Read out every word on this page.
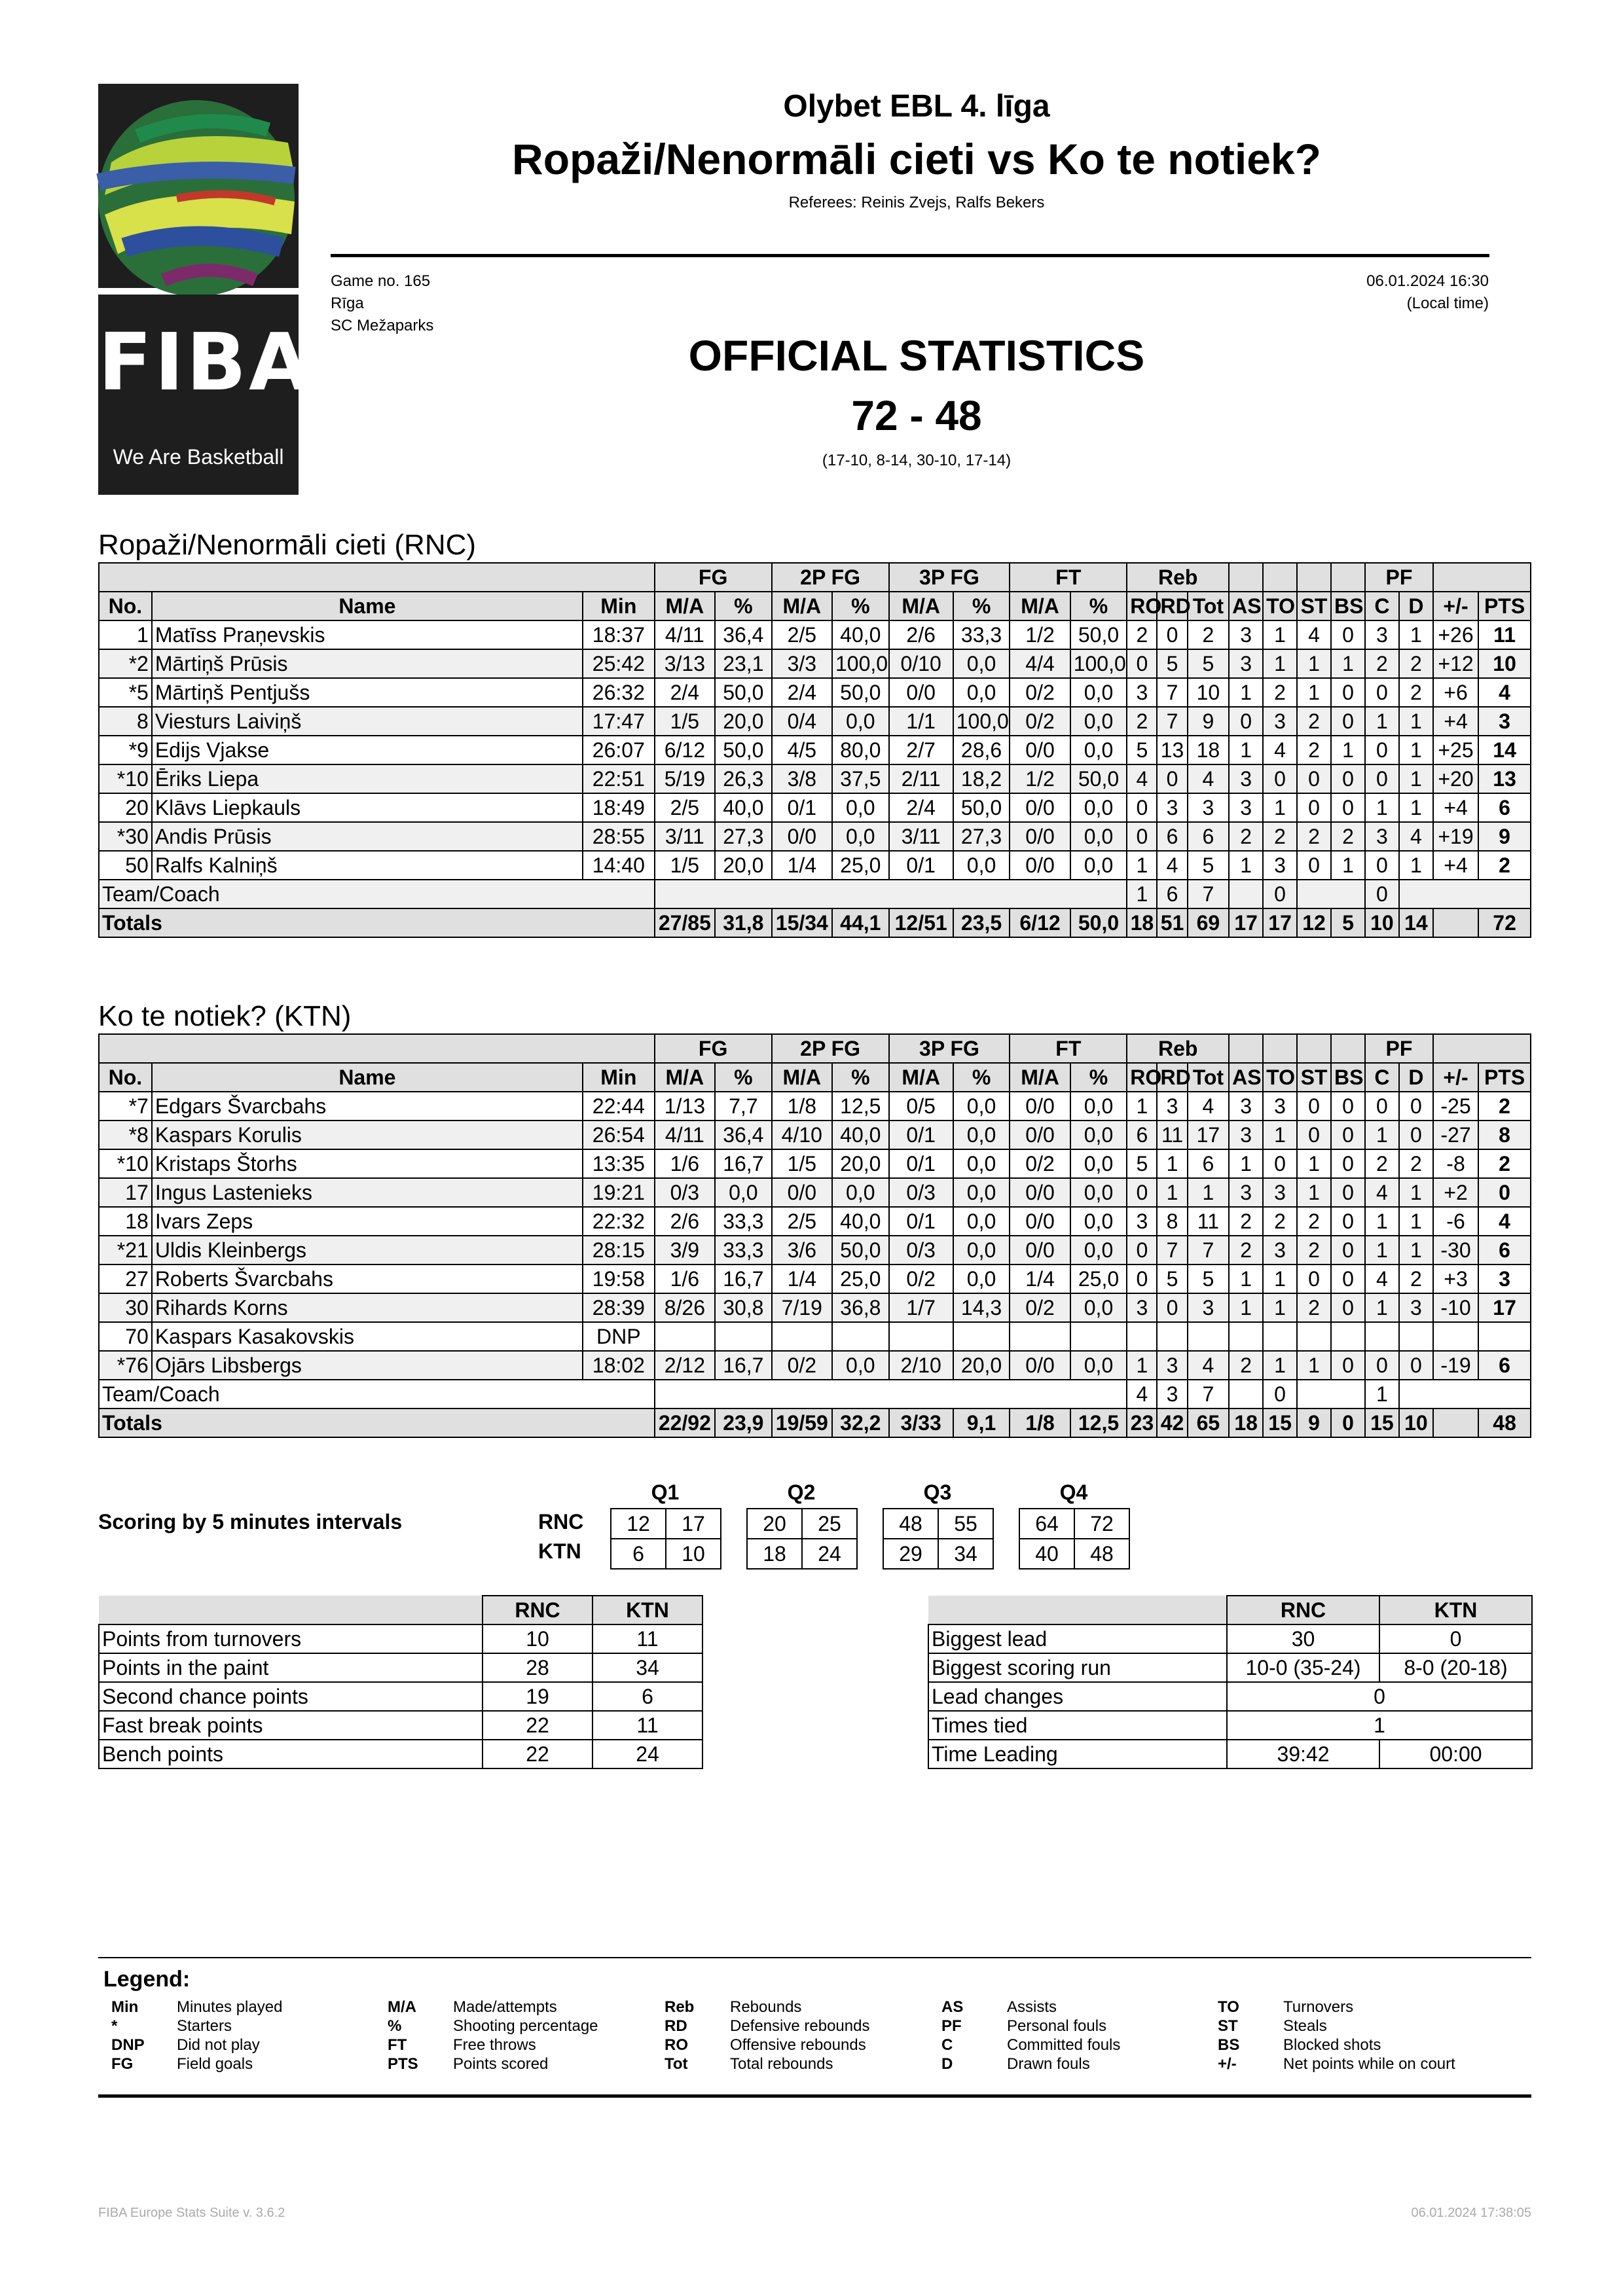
FIBA
We Are Basketball
Olybet EBL 4. līga
Ropaži/Nenormāli cieti vs Ko te notiek?
Referees: Reinis Zvejs, Ralfs Bekers
Game no. 165
Rīga
SC Mežaparks
06.01.2024 16:30
(Local time)
OFFICIAL STATISTICS
72 - 48
(17-10, 8-14, 30-10, 17-14)
Ropaži/Nenormāli cieti (RNC)
			FG		2P FG		3P FG		FT		Reb							PF			
No.	Name	Min	M/A	%	M/A	%	M/A	%	M/A	%	RO	RD	Tot	AS	TO	ST	BS	C	D	+/-	PTS
1	Matīss Praņevskis	18:37	4/11	36,4	2/5	40,0	2/6	33,3	1/2	50,0	2	0	2	3	1	4	0	3	1	+26	11
*2	Mārtiņš Prūsis	25:42	3/13	23,1	3/3	100,0	0/10	0,0	4/4	100,0	0	5	5	3	1	1	1	2	2	+12	10
*5	Mārtiņš Pentjušs	26:32	2/4	50,0	2/4	50,0	0/0	0,0	0/2	0,0	3	7	10	1	2	1	0	0	2	+6	4
8	Viesturs Laiviņš	17:47	1/5	20,0	0/4	0,0	1/1	100,0	0/2	0,0	2	7	9	0	3	2	0	1	1	+4	3
*9	Edijs Vjakse	26:07	6/12	50,0	4/5	80,0	2/7	28,6	0/0	0,0	5	13	18	1	4	2	1	0	1	+25	14
*10	Ēriks Liepa	22:51	5/19	26,3	3/8	37,5	2/11	18,2	1/2	50,0	4	0	4	3	0	0	0	0	1	+20	13
20	Klāvs Liepkauls	18:49	2/5	40,0	0/1	0,0	2/4	50,0	0/0	0,0	0	3	3	3	1	0	0	1	1	+4	6
*30	Andis Prūsis	28:55	3/11	27,3	0/0	0,0	3/11	27,3	0/0	0,0	0	6	6	2	2	2	2	3	4	+19	9
50	Ralfs Kalniņš	14:40	1/5	20,0	1/4	25,0	0/1	0,0	0/0	0,0	1	4	5	1	3	0	1	0	1	+4	2
Team/Coach											1	6	7		0			0			
Totals			27/85	31,8	15/34	44,1	12/51	23,5	6/12	50,0	18	51	69	17	17	12	5	10	14		72
Ko te notiek? (KTN)
			FG		2P FG		3P FG		FT		Reb							PF			
No.	Name	Min	M/A	%	M/A	%	M/A	%	M/A	%	RO	RD	Tot	AS	TO	ST	BS	C	D	+/-	PTS
*7	Edgars Švarcbahs	22:44	1/13	7,7	1/8	12,5	0/5	0,0	0/0	0,0	1	3	4	3	3	0	0	0	0	-25	2
*8	Kaspars Korulis	26:54	4/11	36,4	4/10	40,0	0/1	0,0	0/0	0,0	6	11	17	3	1	0	0	1	0	-27	8
*10	Kristaps Štorhs	13:35	1/6	16,7	1/5	20,0	0/1	0,0	0/2	0,0	5	1	6	1	0	1	0	2	2	-8	2
17	Ingus Lastenieks	19:21	0/3	0,0	0/0	0,0	0/3	0,0	0/0	0,0	0	1	1	3	3	1	0	4	1	+2	0
18	Ivars Zeps	22:32	2/6	33,3	2/5	40,0	0/1	0,0	0/0	0,0	3	8	11	2	2	2	0	1	1	-6	4
*21	Uldis Kleinbergs	28:15	3/9	33,3	3/6	50,0	0/3	0,0	0/0	0,0	0	7	7	2	3	2	0	1	1	-30	6
27	Roberts Švarcbahs	19:58	1/6	16,7	1/4	25,0	0/2	0,0	1/4	25,0	0	5	5	1	1	0	0	4	2	+3	3
30	Rihards Korns	28:39	8/26	30,8	7/19	36,8	1/7	14,3	0/2	0,0	3	0	3	1	1	2	0	1	3	-10	17
70	Kaspars Kasakovskis	DNP																			
*76	Ojārs Libsbergs	18:02	2/12	16,7	0/2	0,0	2/10	20,0	0/0	0,0	1	3	4	2	1	1	0	0	0	-19	6
Team/Coach											4	3	7		0			1			
Totals			22/92	23,9	19/59	32,2	3/33	9,1	1/8	12,5	23	42	65	18	15	9	0	15	10		48
Scoring by 5 minutes intervals	RNC
KTN
Q1
12	17
6	10
Q2
20	25
18	24
Q3
48	55
29	34
Q4
64	72
40	48
	RNC	KTN
Points from turnovers	10	11
Points in the paint	28	34
Second chance points	19	6
Fast break points	22	11
Bench points	22	24
	RNC	KTN
Biggest lead	30	0
Biggest scoring run	10-0 (35-24)	8-0 (20-18)
Lead changes	0	
Times tied	1	
Time Leading	39:42	00:00
Legend:
Min Minutes played
*	Starters
DNP Did not play
FG	Field goals
M/A Made/attempts
%	Shooting percentage
FT	Free throws
PTS Points scored
Reb Rebounds
RD	Defensive rebounds
RO	Offensive rebounds
Tot	Total rebounds
AS	Assists
PF	Personal fouls
C	Committed fouls
D	Drawn fouls
TO	Turnovers
ST	Steals
BS	Blocked shots
+/-	Net points while on court
FIBA Europe Stats Suite v. 3.6.2	06.01.2024 17:38:05
